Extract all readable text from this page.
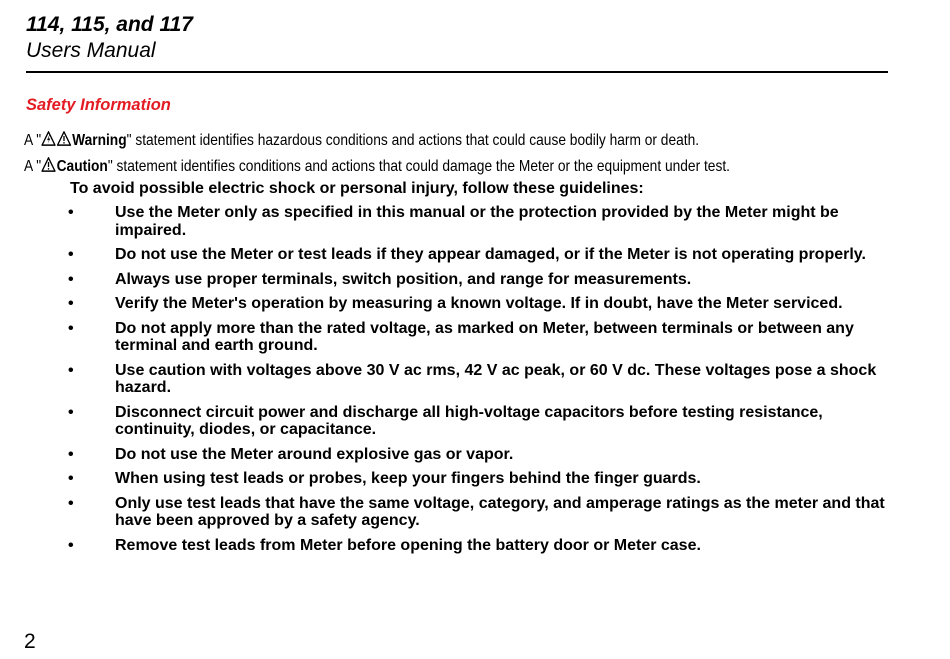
114, 115, and 117
Users Manual
Safety Information
A " Warning" statement identifies hazardous conditions and actions that could cause bodily harm or death.
A " Caution" statement identifies conditions and actions that could damage the Meter or the equipment under test.
To avoid possible electric shock or personal injury, follow these guidelines:
•	Use the Meter only as specified in this manual or the protection provided by the Meter might be impaired.
•	Do not use the Meter or test leads if they appear damaged, or if the Meter is not operating properly.
•	Always use proper terminals, switch position, and range for measurements.
•	Verify the Meter's operation by measuring a known voltage. If in doubt, have the Meter serviced.
•	Do not apply more than the rated voltage, as marked on Meter, between terminals or between any terminal and earth ground.
•	Use caution with voltages above 30 V ac rms, 42 V ac peak, or 60 V dc. These voltages pose a shock hazard.
•	Disconnect circuit power and discharge all high-voltage capacitors before testing resistance, continuity, diodes, or capacitance.
•	Do not use the Meter around explosive gas or vapor.
•	When using test leads or probes, keep your fingers behind the finger guards.
•	Only use test leads that have the same voltage, category, and amperage ratings as the meter and that have been approved by a safety agency.
•	Remove test leads from Meter before opening the battery door or Meter case.
2
